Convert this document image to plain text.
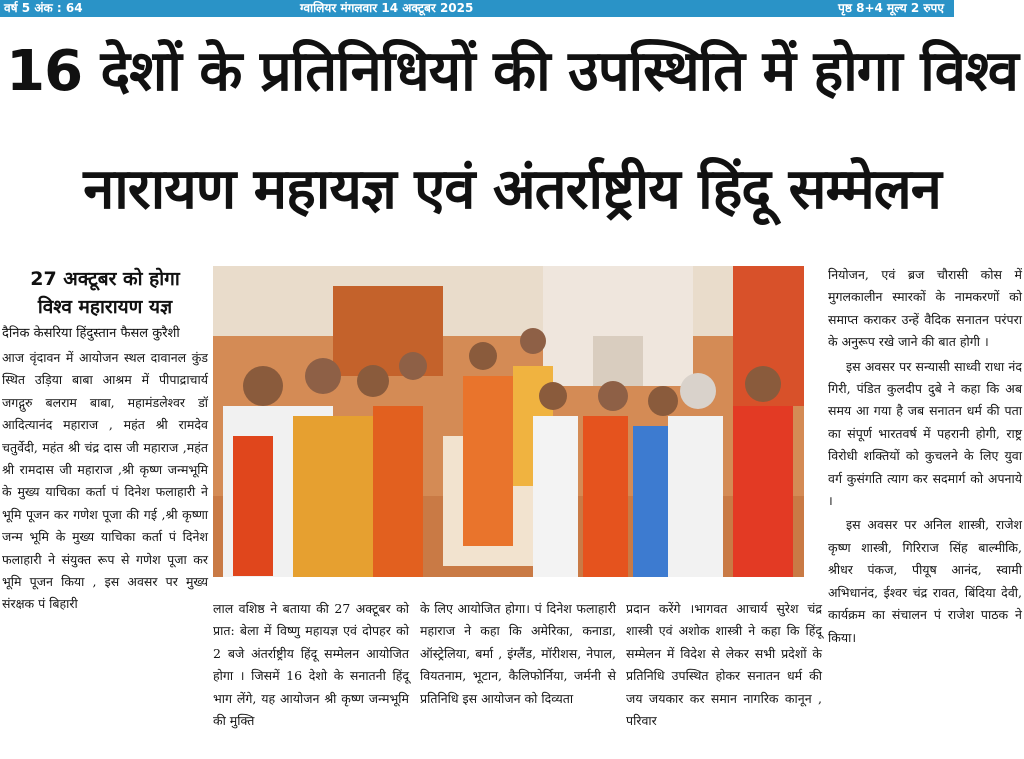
वर्ष 5 अंक : 64	ग्वालियर मंगलवार 14 अक्टूबर 2025	पृष्ठ 8+4 मूल्य 2 रुपए
16 देशों के प्रतिनिधियों की उपस्थिति में होगा विश्व
नारायण महायज्ञ एवं अंतर्राष्ट्रीय हिंदू सम्मेलन
27 अक्टूबर को होगा
विश्व महारायण यज्ञ
दैनिक केसरिया हिंदुस्तान फैसल कुरैशी
आज वृंदावन में आयोजन स्थल दावानल कुंड स्थित उड़िया बाबा आश्रम में पीपाद्राचार्य जगद्गुरु बलराम बाबा, महामंडलेश्वर डॉ आदित्यानंद महाराज , महंत श्री रामदेव चतुर्वेदी, महंत श्री चंद्र दास जी महाराज ,महंत श्री रामदास जी महाराज ,श्री कृष्ण जन्मभूमि के मुख्य याचिका कर्ता पं दिनेश फलाहारी ने भूमि पूजन कर गणेश पूजा की गई ,श्री कृष्णा जन्म भूमि के मुख्य याचिका कर्ता पं दिनेश फलाहारी ने संयुक्त रूप से गणेश पूजा कर भूमि पूजन किया , इस अवसर पर मुख्य संरक्षक पं बिहारी	लाल वशिष्ठ ने बताया की 27 अक्टूबर को प्रात: बेला में विष्णु महायज्ञ एवं दोपहर को 2 बजे अंतर्राष्ट्रीय हिंदू सम्मेलन आयोजित होगा । जिसमें 16 देशो के सनातनी हिंदू भाग लेंगे, यह आयोजन श्री कृष्ण जन्मभूमि की मुक्ति
के लिए आयोजित होगा। पं दिनेश फलाहारी महाराज ने कहा कि अमेरिका, कनाडा, ऑस्ट्रेलिया, बर्मा , इंग्लैंड, मॉरीशस, नेपाल, वियतनाम, भूटान, कैलिफोर्निया, जर्मनी से प्रतिनिधि इस आयोजन को दिव्यता
प्रदान करेंगे ।भागवत आचार्य सुरेश चंद्र शास्त्री एवं अशोक शास्त्री ने कहा कि हिंदू सम्मेलन में विदेश से लेकर सभी प्रदेशों के प्रतिनिधि उपस्थित होकर सनातन धर्म की जय जयकार कर समान नागरिक कानून , परिवार
नियोजन, एवं ब्रज चौरासी कोस में मुगलकालीन स्मारकों के नामकरणों को समाप्त कराकर उन्हें वैदिक सनातन परंपरा के अनुरूप रखे जाने की बात होगी ।
इस अवसर पर सन्यासी साध्वी राधा नंद गिरी, पंडित कुलदीप दुबे ने कहा कि अब समय आ गया है जब सनातन धर्म की पता का संपूर्ण भारतवर्ष में पहरानी होगी, राष्ट्र विरोधी शक्तियों को कुचलने के लिए युवा वर्ग कुसंगति त्याग कर सदमार्ग को अपनाये ।
इस अवसर पर अनिल शास्त्री, राजेश कृष्ण शास्त्री, गिरिराज सिंह बाल्मीकि, श्रीधर पंकज, पीयूष आनंद, स्वामी अभिधानंद, ईश्वर चंद्र रावत, बिंदिया देवी, कार्यक्रम का संचालन पं राजेश पाठक ने किया।
